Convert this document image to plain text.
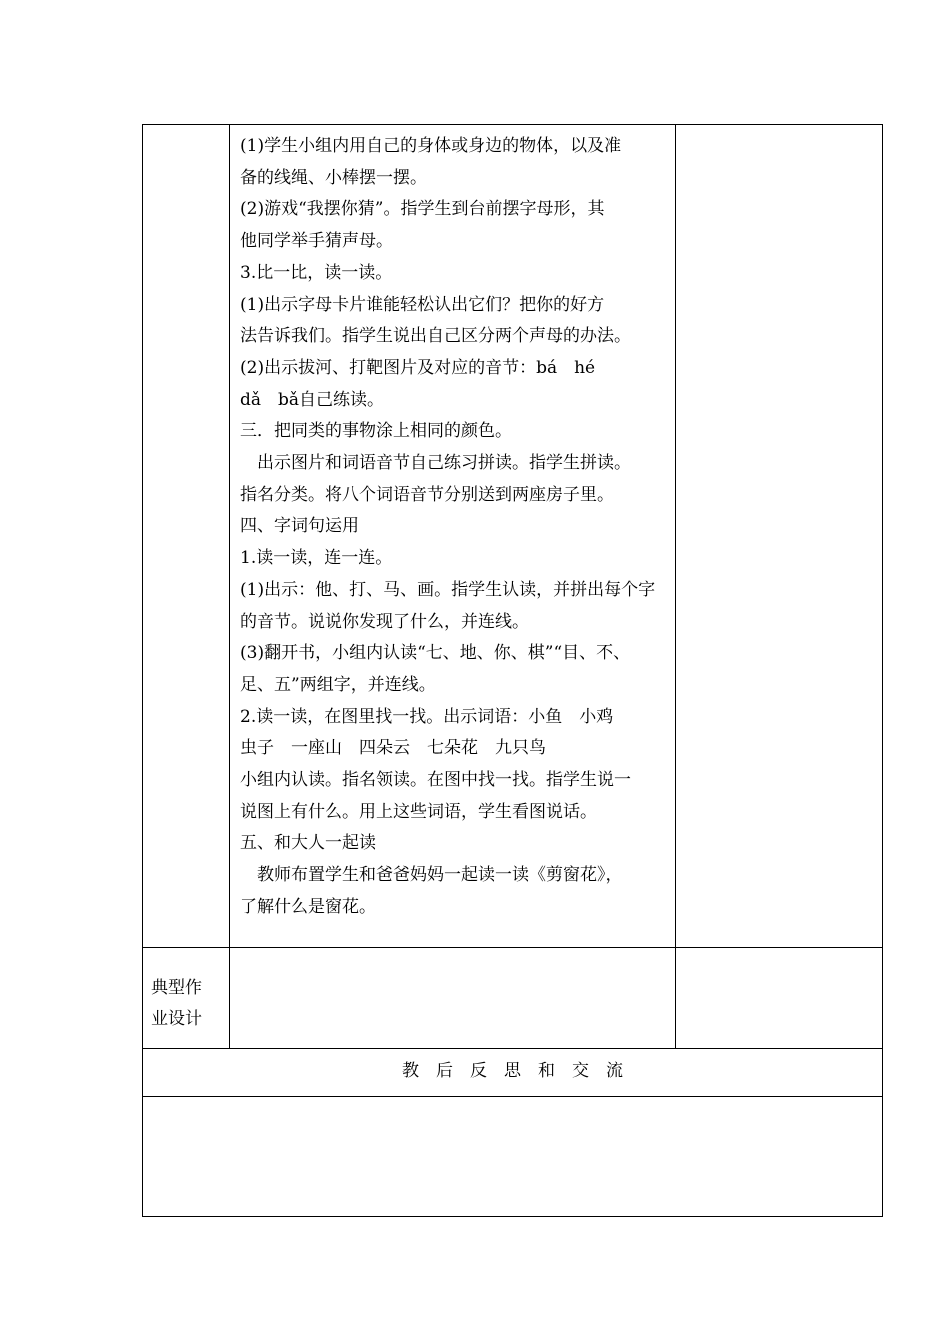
(1)学生小组内用自己的身体或身边的物体，以及准

备的线绳、小棒摆一摆。

(2)游戏“我摆你猜”。指学生到台前摆字母形，其

他同学举手猜声母。

3.比一比，读一读。

(1)出示字母卡片谁能轻松认出它们？把你的好方

法告诉我们。指学生说出自己区分两个声母的办法。

(2)出示拔河、打靶图片及对应的音节：bá　hé

dǎ　bǎ自己练读。

三．把同类的事物涂上相同的颜色。

　出示图片和词语音节自己练习拼读。指学生拼读。

指名分类。将八个词语音节分别送到两座房子里。

四、字词句运用

1.读一读，连一连。

(1)出示：他、打、马、画。指学生认读，并拼出每个字

的音节。说说你发现了什么，并连线。

(3)翻开书，小组内认读“七、地、你、棋”“目、不、

足、五”两组字，并连线。

2.读一读，在图里找一找。出示词语：小鱼　小鸡

虫子　一座山　四朵云　七朵花　九只鸟

小组内认读。指名领读。在图中找一找。指学生说一

说图上有什么。用上这些词语，学生看图说话。

五、和大人一起读

　教师布置学生和爸爸妈妈一起读一读《剪窗花》，

了解什么是窗花。

典型作

业设计

教后反思和交流
